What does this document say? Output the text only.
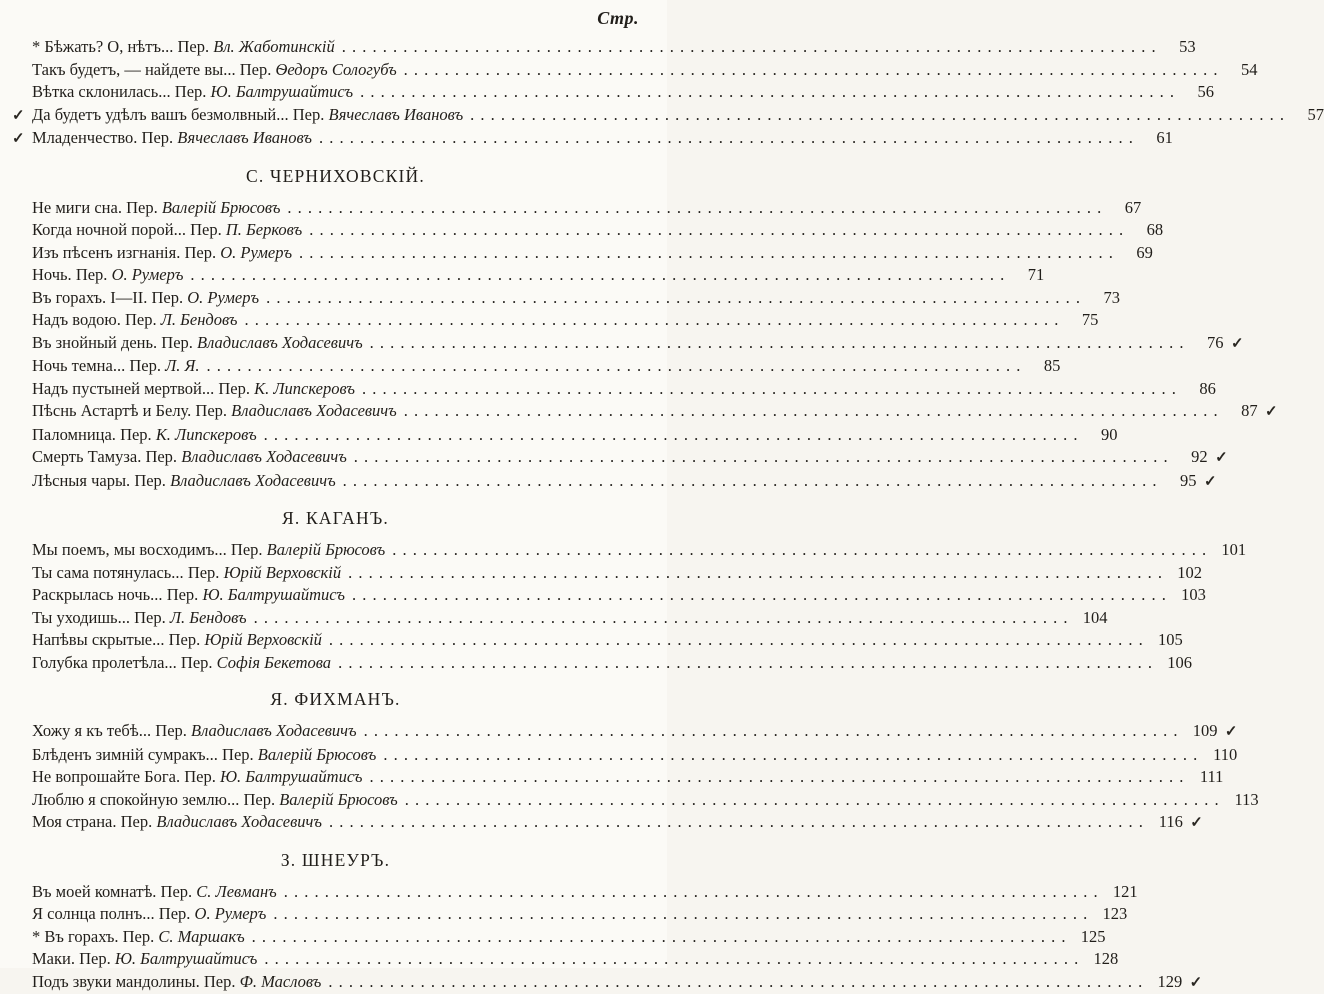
Стр.
* Бѣжать? О, нѣтъ... Пер. Вл. Жаботинскій . . .	53
Такъ будетъ, — найдете вы... Пер. Ѳедоръ Сологубъ . . .	54
Вѣтка склонилась... Пер. Ю. Балтрушайтисъ . . .	56
✓ Да будетъ удѣлъ вашъ безмолвный... Пер. Вячеславъ Ивановъ . . .	57
✓ Младенчество. Пер. Вячеславъ Ивановъ . . .	61
С. ЧЕРНИХОВСКІЙ.
Не миги сна. Пер. Валерій Брюсовъ . . .	67
Когда ночной порой... Пер. П. Берковъ . . .	68
Изъ пѣсенъ изгнанія. Пер. О. Румеръ . . .	69
Ночь. Пер. О. Румеръ . . .	71
Въ горахъ. I—II. Пер. О. Румеръ . . .	73
Надъ водою. Пер. Л. Бендовъ . . .	75
Въ знойный день. Пер. Владиславъ Ходасевичъ . . .	76 ✓
Ночь темна... Пер. Л. Я. . . .	85
Надъ пустыней мертвой... Пер. К. Липскеровъ . . .	86
Пѣснь Астартѣ и Белу. Пер. Владиславъ Ходасевичъ . . .	87 ✓
Паломница. Пер. К. Липскеровъ . . .	90
Смерть Тамуза. Пер. Владиславъ Ходасевичъ . . .	92 ✓
Лѣсныя чары. Пер. Владиславъ Ходасевичъ . . .	95 ✓
Я. КАГАНЪ.
Мы поемъ, мы восходимъ... Пер. Валерій Брюсовъ . . .	101
Ты сама потянулась... Пер. Юрій Верховскій . . .	102
Раскрылась ночь... Пер. Ю. Балтрушайтисъ . . .	103
Ты уходишь... Пер. Л. Бендовъ . . .	104
Напѣвы скрытые... Пер. Юрій Верховскій . . .	105
Голубка пролетѣла... Пер. Софія Бекетова . . .	106
Я. ФИХМАНЪ.
Хожу я къ тебѣ... Пер. Владиславъ Ходасевичъ . . .	109 ✓
Блѣденъ зимній сумракъ... Пер. Валерій Брюсовъ . . .	110
Не вопрошайте Бога. Пер. Ю. Балтрушайтисъ . . .	111
Люблю я спокойную землю... Пер. Валерій Брюсовъ . . .	113
Моя страна. Пер. Владиславъ Ходасевичъ . . .	116 ✓
З. ШНЕУРЪ.
Въ моей комнатѣ. Пер. С. Левманъ . . .	121
Я солнца полнъ... Пер. О. Румеръ . . .	123
* Въ горахъ. Пер. С. Маршакъ . . .	125
Маки. Пер. Ю. Балтрушайтисъ . . .	128
Подъ звуки мандолины. Пер. Ф. Масловъ . . .	129 ✓
